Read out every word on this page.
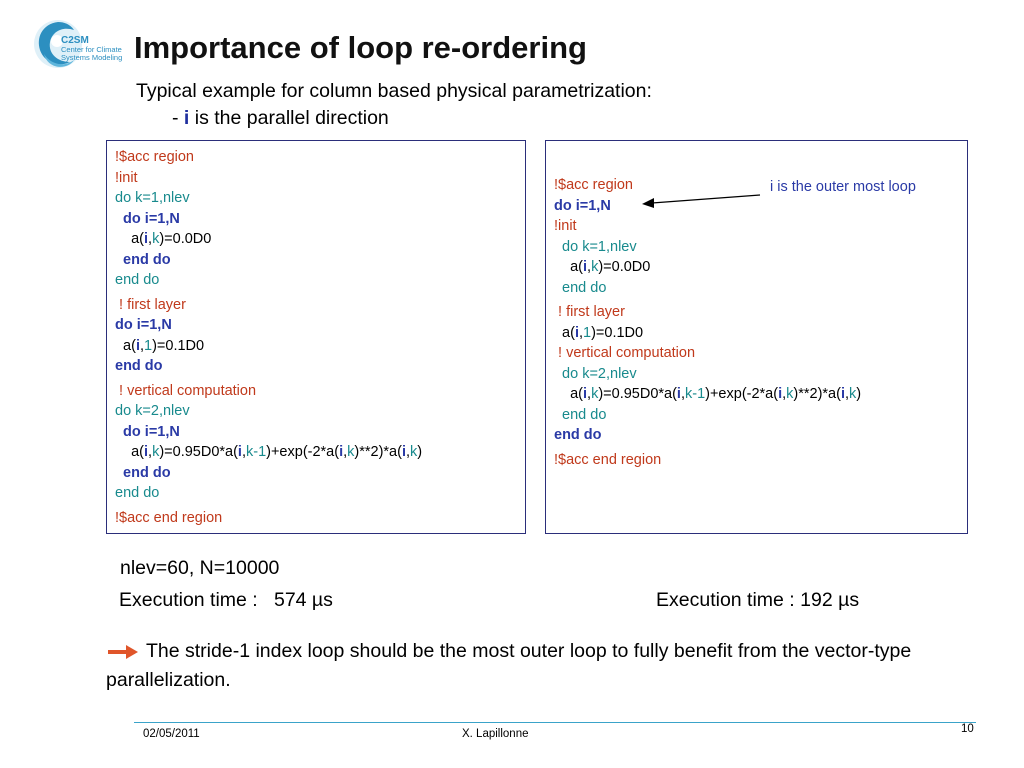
C2SM
Center for Climate
Systems Modeling Importance of loop re-ordering
Typical example for column based physical parametrization:
- i is the parallel direction
!$acc region
!init
do k=1,nlev
do i=1,N
a(i,k)=0.0D0
end do
end do
! first layer
do i=1,N
a(i,1)=0.1D0
end do
! vertical computation
do k=2,nlev
do i=1,N
a(i,k)=0.95D0*a(i,k-1)+exp(-2*a(i,k)**2)*a(i,k)
end do
end do
!$acc end region
!$acc region
do i=1,N
!init
do k=1,nlev
a(i,k)=0.0D0
end do
! first layer
a(i,1)=0.1D0
! vertical computation
do k=2,nlev
a(i,k)=0.95D0*a(i,k-1)+exp(-2*a(i,k)**2)*a(i,k)
end do
end do
!$acc end region
i is the outer most loop
nlev=60, N=10000
Execution time :   574 µs	Execution time : 192 µs
The stride-1 index loop should be the most outer loop to fully benefit from the vector-type parallelization.
02/05/2011	X. Lapillonne	10
